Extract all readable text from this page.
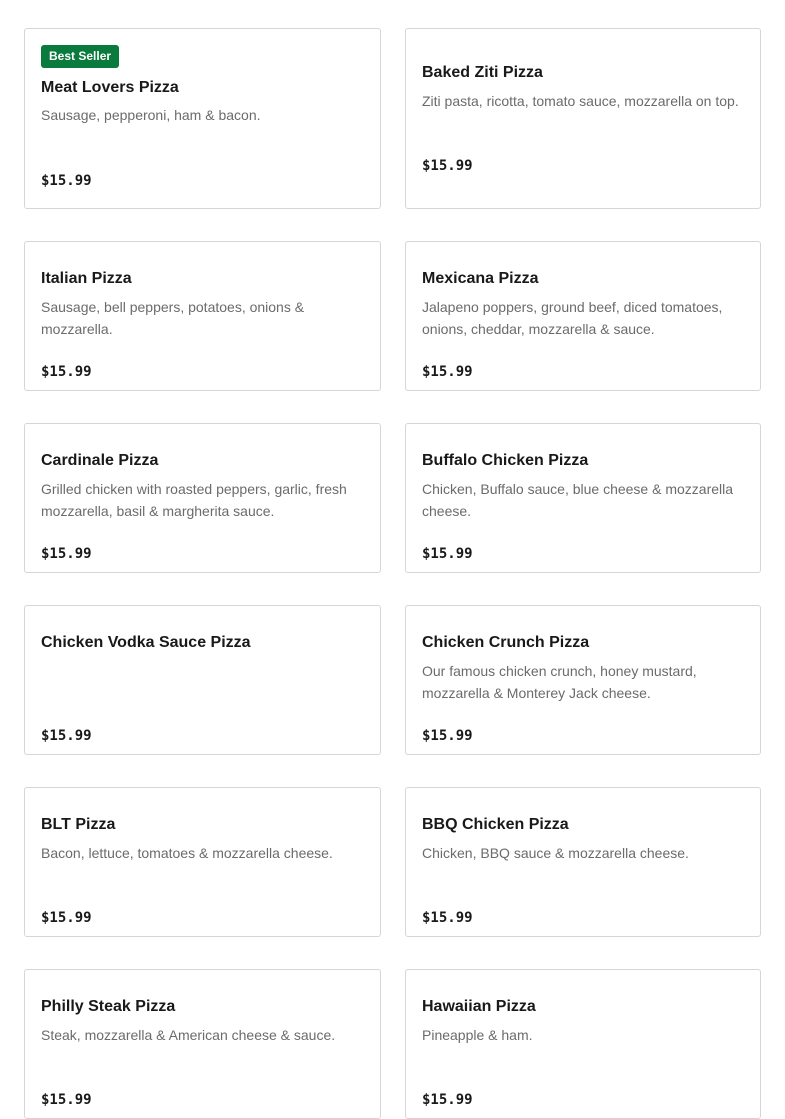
Best Seller
Meat Lovers Pizza
Sausage, pepperoni, ham & bacon.
$15.99
Baked Ziti Pizza
Ziti pasta, ricotta, tomato sauce, mozzarella on top.
$15.99
Italian Pizza
Sausage, bell peppers, potatoes, onions & mozzarella.
$15.99
Mexicana Pizza
Jalapeno poppers, ground beef, diced tomatoes, onions, cheddar, mozzarella & sauce.
$15.99
Cardinale Pizza
Grilled chicken with roasted peppers, garlic, fresh mozzarella, basil & margherita sauce.
$15.99
Buffalo Chicken Pizza
Chicken, Buffalo sauce, blue cheese & mozzarella cheese.
$15.99
Chicken Vodka Sauce Pizza
$15.99
Chicken Crunch Pizza
Our famous chicken crunch, honey mustard, mozzarella & Monterey Jack cheese.
$15.99
BLT Pizza
Bacon, lettuce, tomatoes & mozzarella cheese.
$15.99
BBQ Chicken Pizza
Chicken, BBQ sauce & mozzarella cheese.
$15.99
Philly Steak Pizza
Steak, mozzarella & American cheese & sauce.
$15.99
Hawaiian Pizza
Pineapple & ham.
$15.99
